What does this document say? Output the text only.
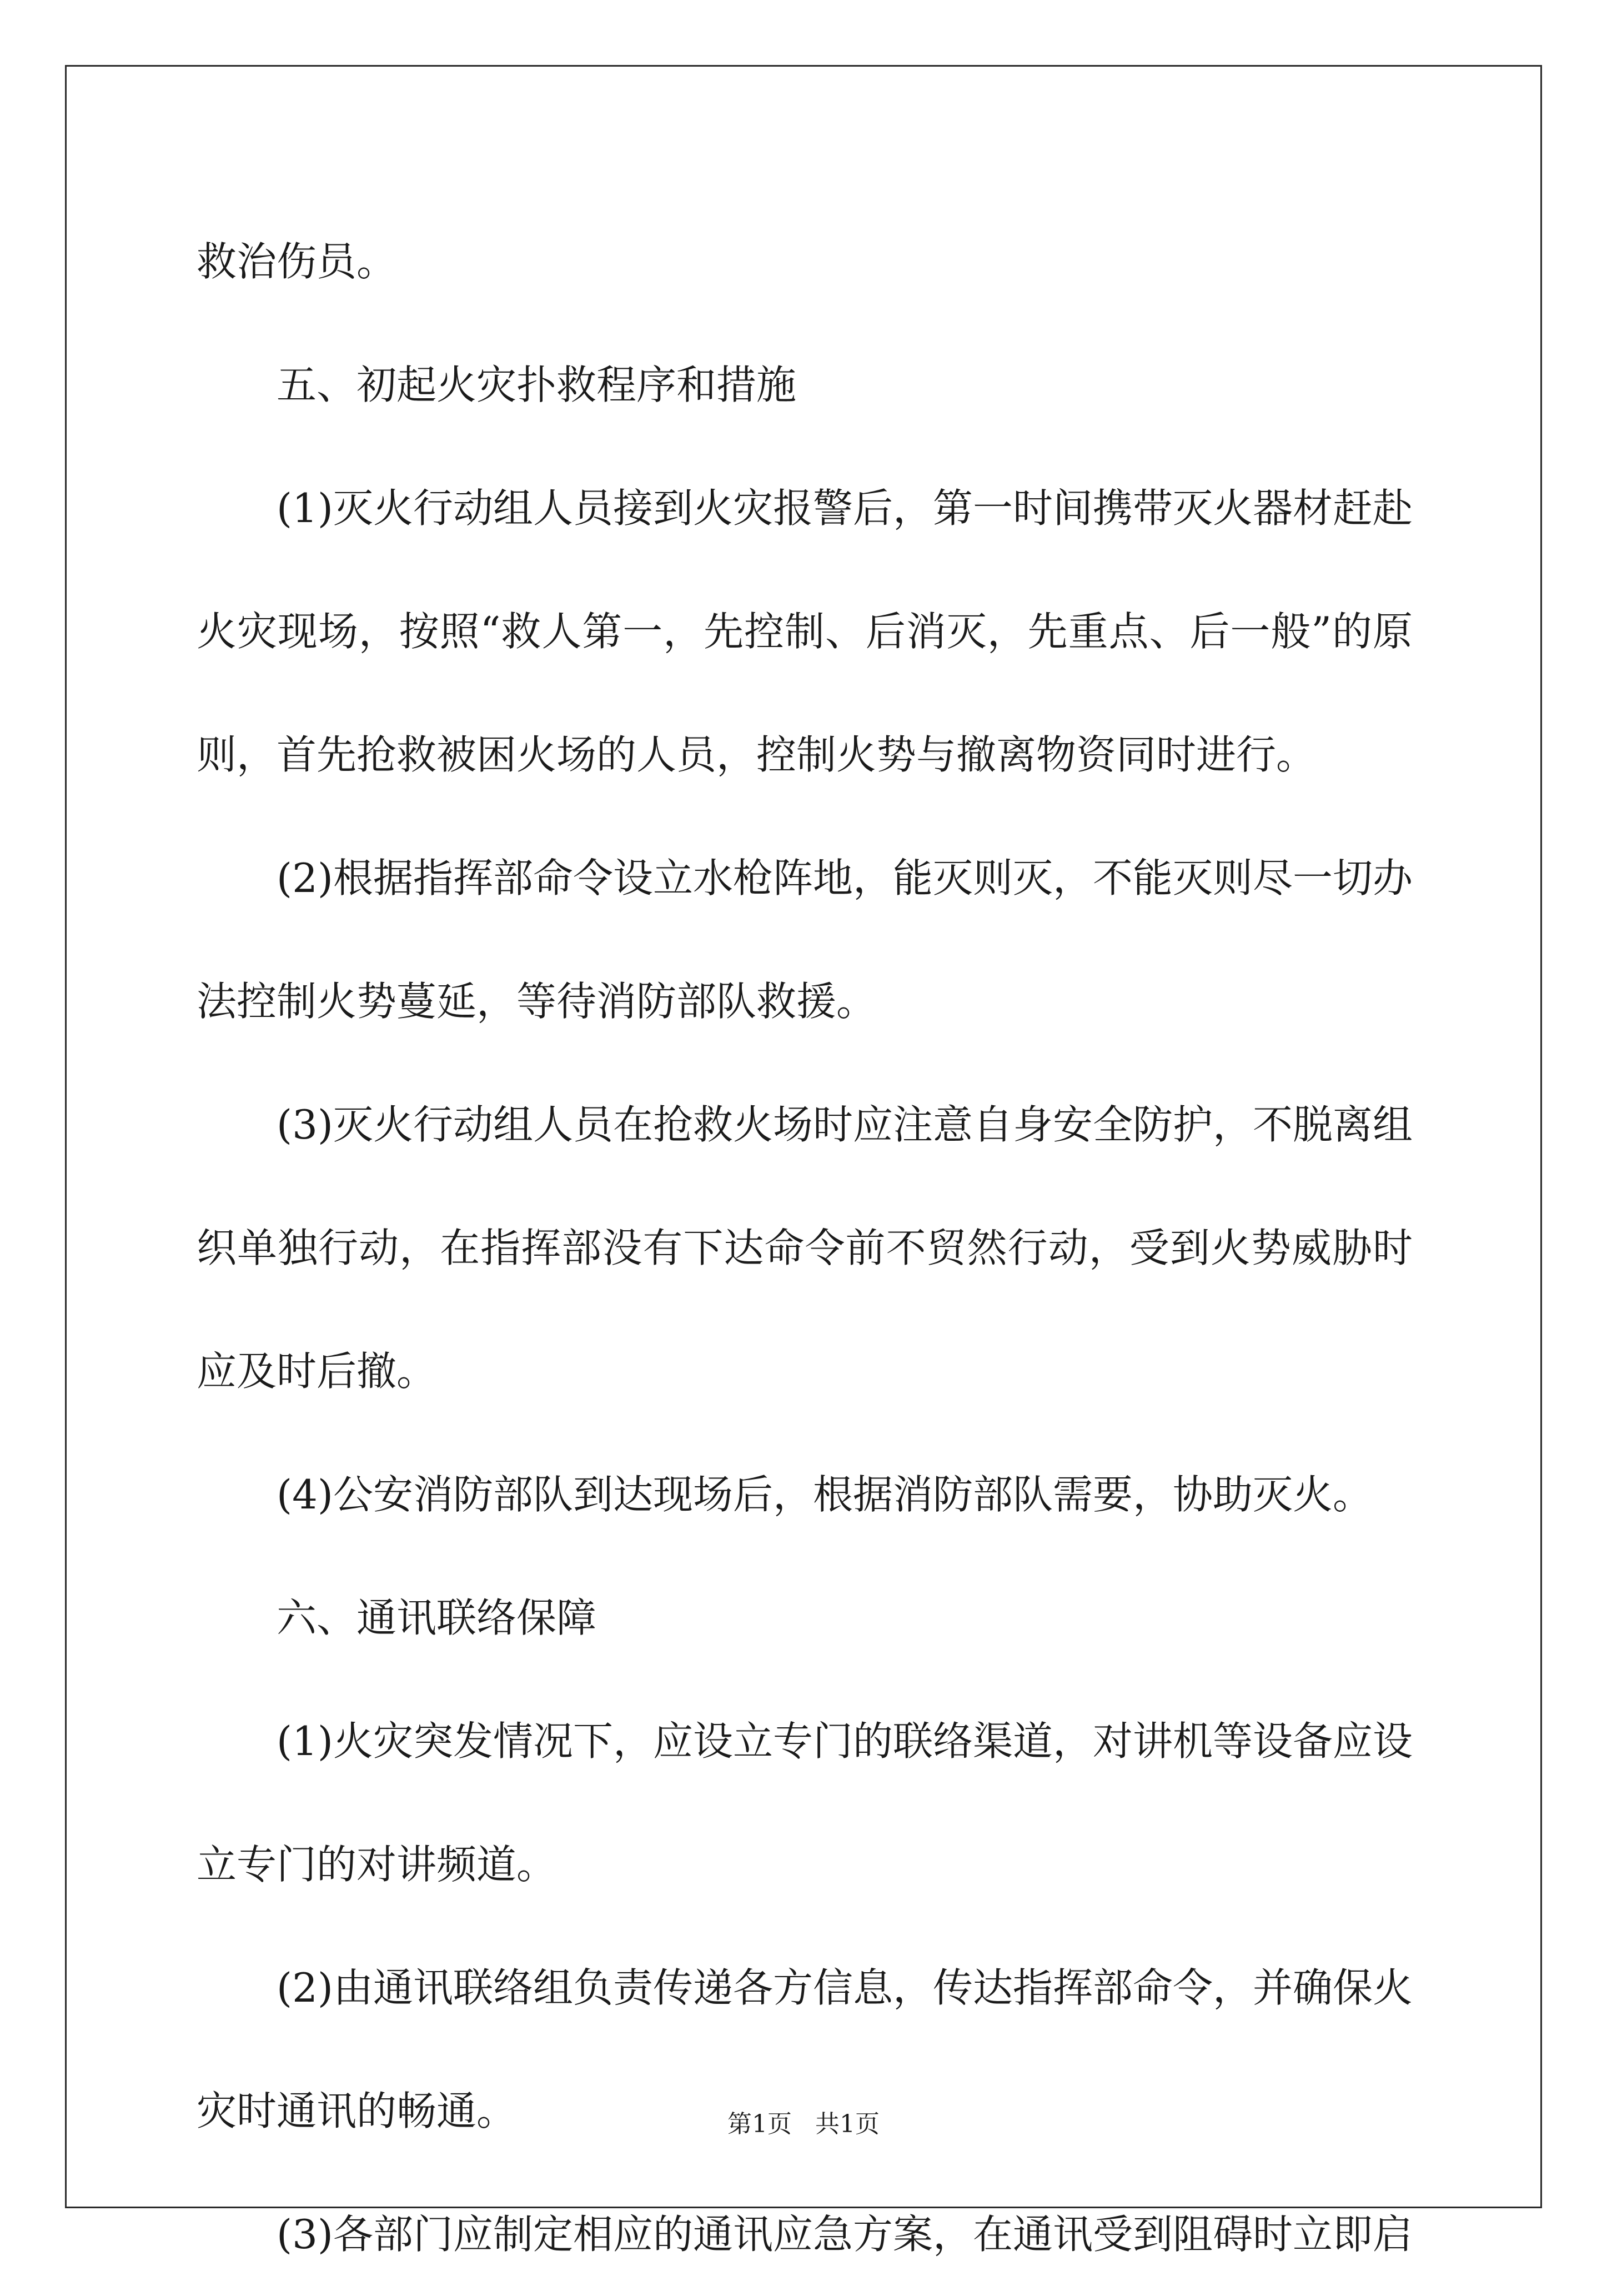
救治伤员。

五、初起火灾扑救程序和措施

(1)灭火行动组人员接到火灾报警后，第一时间携带灭火器材赶赴火灾现场，按照“救人第一，先控制、后消灭，先重点、后一般”的原则，首先抢救被困火场的人员，控制火势与撤离物资同时进行。

(2)根据指挥部命令设立水枪阵地，能灭则灭，不能灭则尽一切办法控制火势蔓延，等待消防部队救援。

(3)灭火行动组人员在抢救火场时应注意自身安全防护，不脱离组织单独行动，在指挥部没有下达命令前不贸然行动，受到火势威胁时应及时后撤。

(4)公安消防部队到达现场后，根据消防部队需要，协助灭火。

六、通讯联络保障

(1)火灾突发情况下，应设立专门的联络渠道，对讲机等设备应设立专门的对讲频道。

(2)由通讯联络组负责传递各方信息，传达指挥部命令，并确保火灾时通讯的畅通。

(3)各部门应制定相应的通讯应急方案，在通讯受到阻碍时立即启

第1页   共1页
